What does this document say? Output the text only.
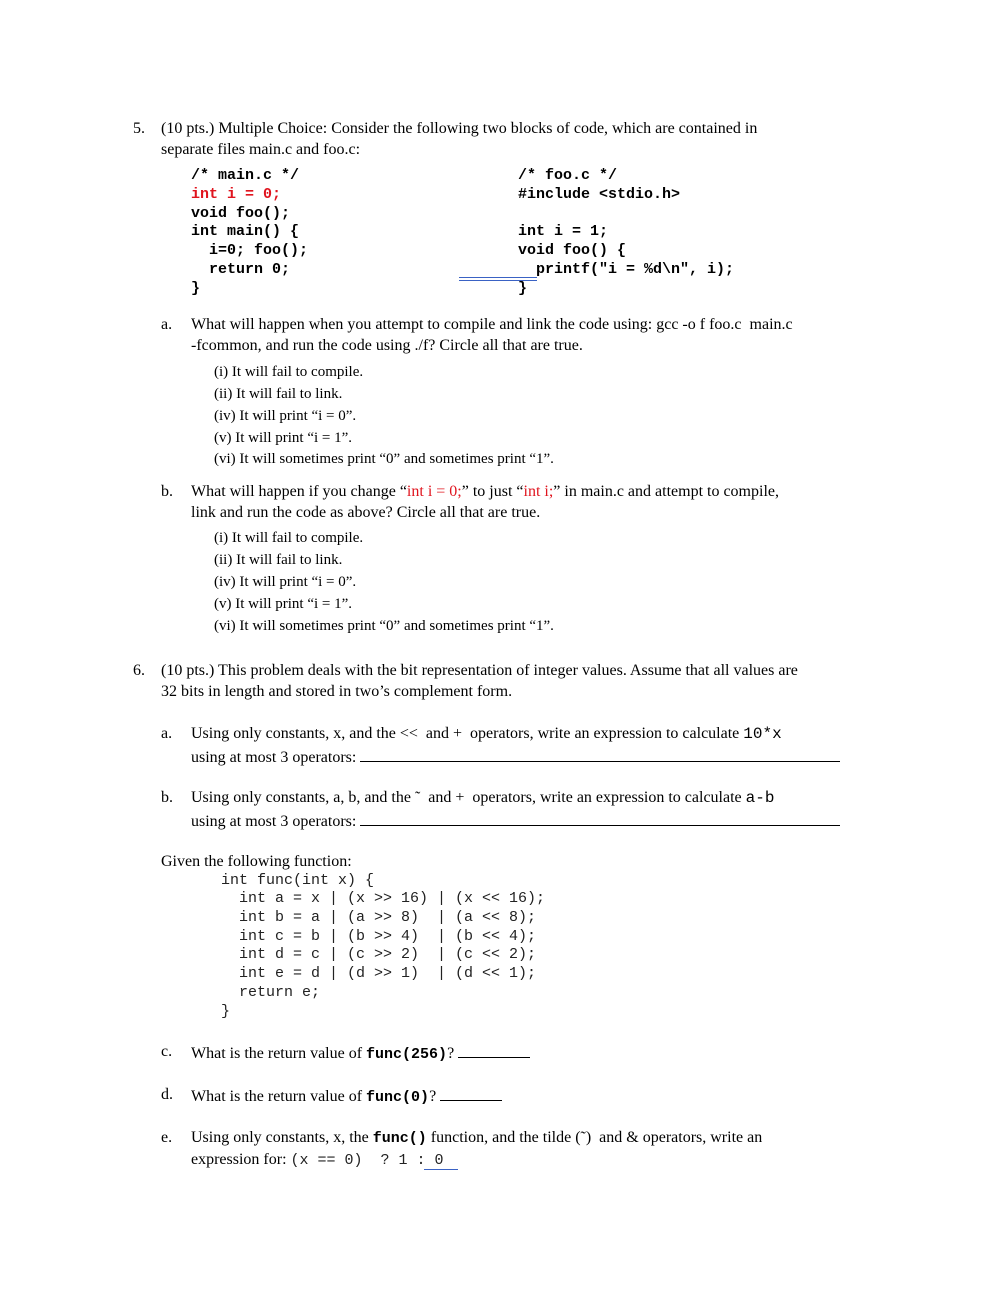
5. (10 pts.) Multiple Choice: Consider the following two blocks of code, which are contained in
separate files main.c and foo.c:
/* main.c */
int i = 0;
void foo();
int main() {
i=0; foo();
return 0;
}
/* foo.c */
#include <stdio.h>
int i = 1;
void foo() {
printf("i = %d\n", i);
}
a. What will happen when you attempt to compile and link the code using: gcc -o f foo.c  main.c
-fcommon, and run the code using ./f? Circle all that are true.
(i) It will fail to compile.
(ii) It will fail to link.
(iv) It will print “i = 0”.
(v) It will print “i = 1”.
(vi) It will sometimes print “0” and sometimes print “1”.
b. What will happen if you change “int i = 0;” to just “int i;” in main.c and attempt to compile,
link and run the code as above? Circle all that are true.
(i) It will fail to compile.
(ii) It will fail to link.
(iv) It will print “i = 0”.
(v) It will print “i = 1”.
(vi) It will sometimes print “0” and sometimes print “1”.
6. (10 pts.) This problem deals with the bit representation of integer values. Assume that all values are
32 bits in length and stored in two’s complement form.
a. Using only constants, x, and the <<  and +  operators, write an expression to calculate 10*x
using at most 3 operators:
b. Using only constants, a, b, and the ˜  and +  operators, write an expression to calculate a-b
using at most 3 operators:
Given the following function:
int func(int x) {
int a = x | (x >> 16) | (x << 16);
int b = a | (a >> 8)  | (a << 8);
int c = b | (b >> 4)  | (b << 4);
int d = c | (c >> 2)  | (c << 2);
int e = d | (d >> 1)  | (d << 1);
return e;
}
c. What is the return value of func(256)?
d. What is the return value of func(0)?
e. Using only constants, x, the func() function, and the tilde (˜)  and & operators, write an
expression for: (x == 0)  ? 1 : 0
